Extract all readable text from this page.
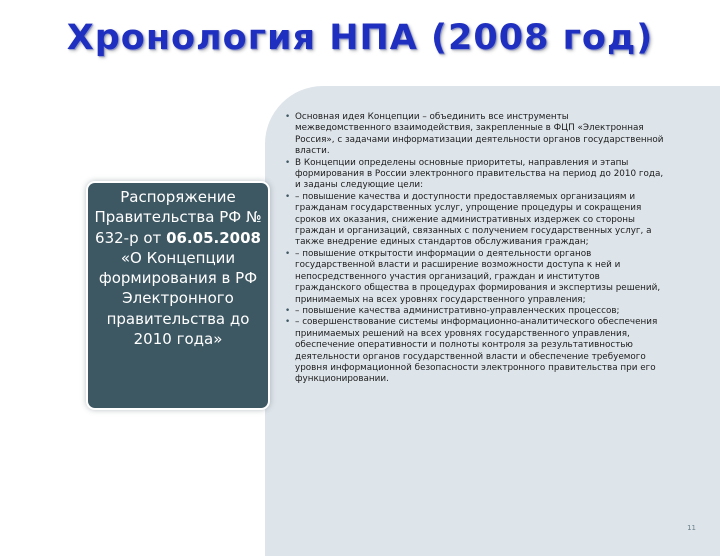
Хронология НПА (2008 год)
Распоряжение Правительства РФ № 632-р от 06.05.2008 «О Концепции формирования в РФ Электронного правительства до 2010 года»
• Основная идея Концепции – объединить все инструменты межведомственного взаимодействия, закрепленные в ФЦП «Электронная Россия», с задачами информатизации деятельности органов государственной власти.
• В Концепции определены основные приоритеты, направления и этапы формирования в России электронного правительства на период до 2010 года, и заданы следующие цели:
• – повышение качества и доступности предоставляемых организациям и гражданам государственных услуг, упрощение процедуры и сокращения сроков их оказания, снижение административных издержек со стороны граждан и организаций, связанных с получением государственных услуг, а также внедрение единых стандартов обслуживания граждан;
• – повышение открытости информации о деятельности органов государственной власти и расширение возможности доступа к ней и непосредственного участия организаций, граждан и институтов гражданского общества в процедурах формирования и экспертизы решений, принимаемых на всех уровнях государственного управления;
• – повышение качества административно-управленческих процессов;
• – совершенствование системы информационно-аналитического обеспечения принимаемых решений на всех уровнях государственного управления, обеспечение оперативности и полноты контроля за результативностью деятельности органов государственной власти и обеспечение требуемого уровня информационной безопасности электронного правительства при его функционировании.
11
